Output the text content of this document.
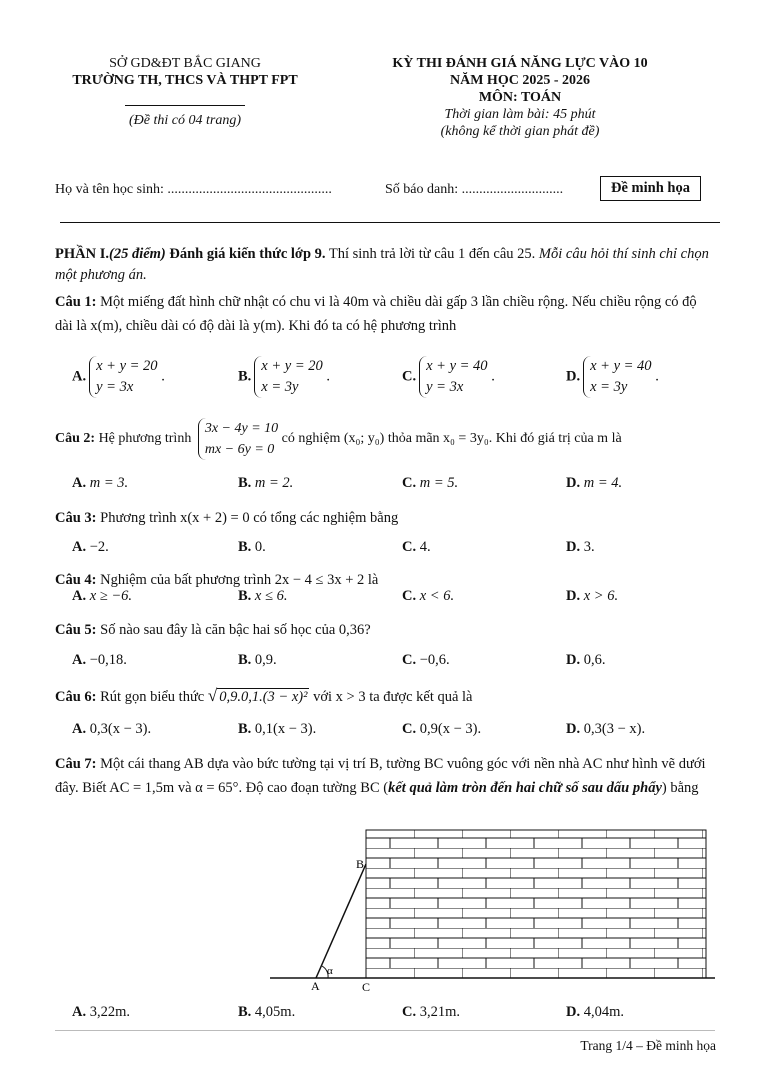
SỞ GD&ĐT BẮC GIANG
TRƯỜNG TH, THCS VÀ THPT FPT
(Đề thi có 04 trang)
KỲ THI ĐÁNH GIÁ NĂNG LỰC VÀO 10
NĂM HỌC 2025 - 2026
MÔN: TOÁN
Thời gian làm bài: 45 phút
(không kể thời gian phát đề)
Họ và tên học sinh: ...............................................	Số báo danh: .............................	Đề minh họa
PHẦN I.(25 điểm) Đánh giá kiến thức lớp 9. Thí sinh trả lời từ câu 1 đến câu 25. Mỗi câu hỏi thí sinh chỉ chọn một phương án.
Câu 1: Một miếng đất hình chữ nhật có chu vi là 40m và chiều dài gấp 3 lần chiều rộng. Nếu chiều rộng có độ dài là x(m), chiều dài có độ dài là y(m). Khi đó ta có hệ phương trình
A.x + y = 20
y = 3x .	B.x + y = 20
x = 3y .	C.x + y = 40
y = 3x .	D.x + y = 40
x = 3y .
Câu 2: Hệ phương trình 3x − 4y = 10
mx − 6y = 0 có nghiệm (x₀; y₀) thỏa mãn x₀ = 3y₀. Khi đó giá trị của m là
A. m = 3.	B. m = 2.	C. m = 5.	D. m = 4.
Câu 3: Phương trình x(x + 2) = 0 có tổng các nghiệm bằng
A. −2.	B. 0.	C. 4.	D. 3.
Câu 4: Nghiệm của bất phương trình 2x − 4 ≤ 3x + 2 là
A. x ≥ −6.	B. x ≤ 6.	C. x < 6.	D. x > 6.
Câu 5: Số nào sau đây là căn bậc hai số học của 0,36?
A. −0,18.	B. 0,9.	C. −0,6.	D. 0,6.
Câu 6: Rút gọn biểu thức √ 0,9.0,1.(3 − x)² với x > 3 ta được kết quả là
A. 0,3(x − 3).	B. 0,1(x − 3).	C. 0,9(x − 3).	D. 0,3(3 − x).
Câu 7: Một cái thang AB dựa vào bức tường tại vị trí B, tường BC vuông góc với nền nhà AC như hình vẽ dưới đây. Biết AC = 1,5m và α = 65°. Độ cao đoạn tường BC (kết quả làm tròn đến hai chữ số sau dấu phẩy) bằng
B
A	C
α
A. 3,22m.	B. 4,05m.	C. 3,21m.	D. 4,04m.
Trang 1/4 – Đề minh họa
